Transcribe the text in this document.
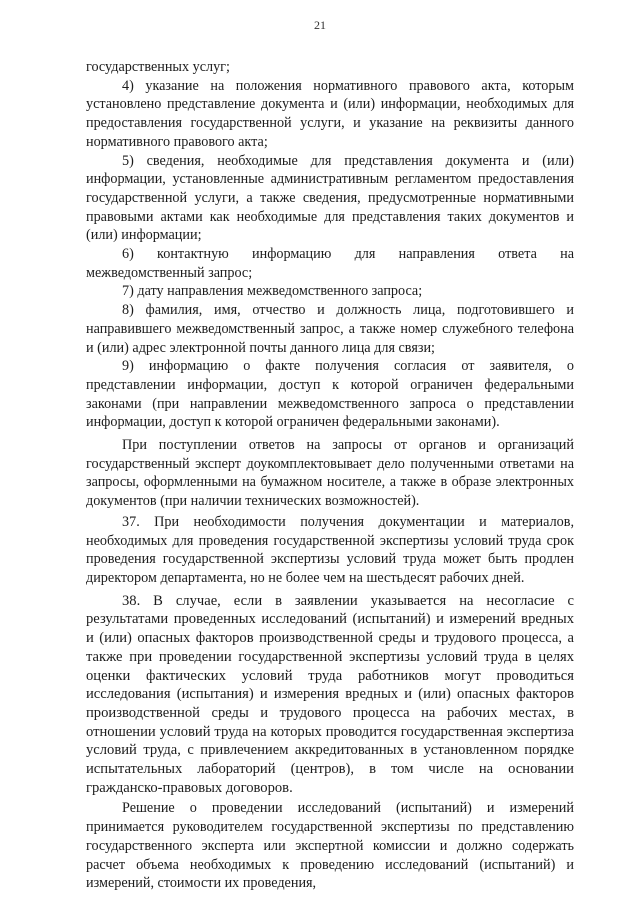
21

государственных услуг;

4) указание на положения нормативного правового акта, которым установлено представление документа и (или) информации, необходимых для предоставления государственной услуги, и указание на реквизиты данного нормативного правового акта;

5) сведения, необходимые для представления документа и (или) информации, установленные административным регламентом предоставления государственной услуги, а также сведения, предусмотренные нормативными правовыми актами как необходимые для представления таких документов и (или) информации;

6) контактную информацию для направления ответа на межведомственный запрос;

7) дату направления межведомственного запроса;

8) фамилия, имя, отчество и должность лица, подготовившего и направившего межведомственный запрос, а также номер служебного телефона и (или) адрес электронной почты данного лица для связи;

9) информацию о факте получения согласия от заявителя, о представлении информации, доступ к которой ограничен федеральными законами (при направлении межведомственного запроса о представлении информации, доступ к которой ограничен федеральными законами).

При поступлении ответов на запросы от органов и организаций государственный эксперт доукомплектовывает дело полученными ответами на запросы, оформленными на бумажном носителе, а также в образе электронных документов (при наличии технических возможностей).

37. При необходимости получения документации и материалов, необходимых для проведения государственной экспертизы условий труда срок проведения государственной экспертизы условий труда может быть продлен директором департамента, но не более чем на шестьдесят рабочих дней.

38. В случае, если в заявлении указывается на несогласие с результатами проведенных исследований (испытаний) и измерений вредных и (или) опасных факторов производственной среды и трудового процесса, а также при проведении государственной экспертизы условий труда в целях оценки фактических условий труда работников могут проводиться исследования (испытания) и измерения вредных и (или) опасных факторов производственной среды и трудового процесса на рабочих местах, в отношении условий труда на которых проводится государственная экспертиза условий труда, с привлечением аккредитованных в установленном порядке испытательных лабораторий (центров), в том числе на основании гражданско-правовых договоров.

Решение о проведении исследований (испытаний) и измерений принимается руководителем государственной экспертизы по представлению государственного эксперта или экспертной комиссии и должно содержать расчет объема необходимых к проведению исследований (испытаний) и измерений, стоимости их проведения,
